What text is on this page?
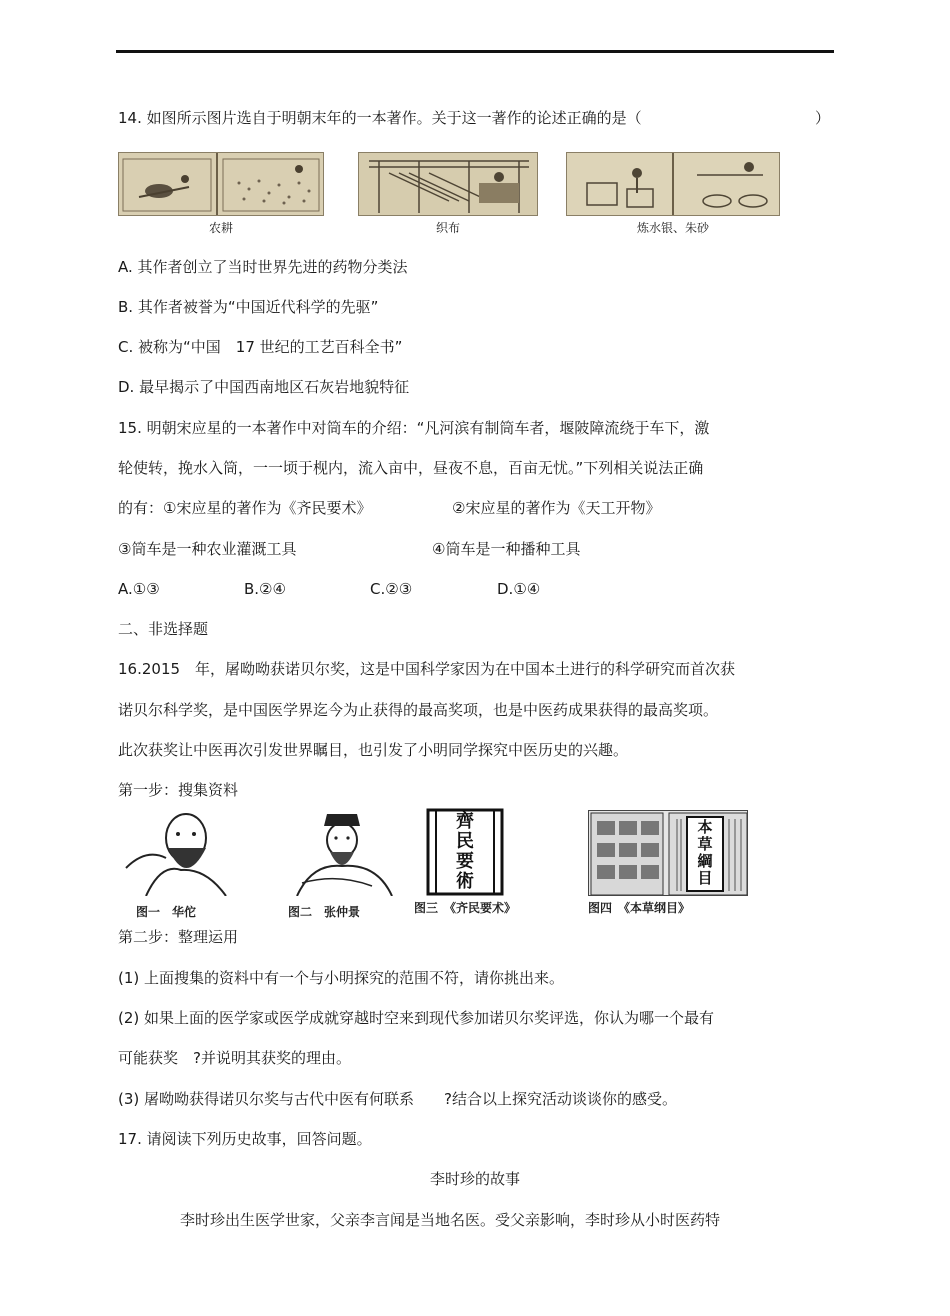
14. 如图所示图片选自于明朝末年的一本著作。关于这一著作的论述正确的是（	）
农耕	织布	炼水银、朱砂
A. 其作者创立了当时世界先进的药物分类法
B. 其作者被誉为“中国近代科学的先驱”
C. 被称为“中国　17 世纪的工艺百科全书”
D. 最早揭示了中国西南地区石灰岩地貌特征
15. 明朝宋应星的一本著作中对筒车的介绍：“凡河滨有制筒车者，堰陂障流绕于车下，激
轮使转，挽水入筒，一一顷于枧内，流入亩中，昼夜不息，百亩无忧。”下列相关说法正确
的有：①宋应星的著作为《齐民要术》	②宋应星的著作为《天工开物》
③筒车是一种农业灌溉工具	④筒车是一种播种工具
A.①③	B.②④	C.②③	D.①④
二、非选择题
16.2015　年，屠呦呦获诺贝尔奖，这是中国科学家因为在中国本土进行的科学研究而首次获
诺贝尔科学奖，是中国医学界迄今为止获得的最高奖项，也是中医药成果获得的最高奖项。
此次获奖让中医再次引发世界瞩目，也引发了小明同学探究中医历史的兴趣。
第一步：搜集资料
图一　华佗	图二　张仲景
齊民要術
图三　《齐民要术》
本草綱目
图四　《本草纲目》
第二步：整理运用
(1) 上面搜集的资料中有一个与小明探究的范围不符，请你挑出来。
(2) 如果上面的医学家或医学成就穿越时空来到现代参加诺贝尔奖评选，你认为哪一个最有
可能获奖　?并说明其获奖的理由。
(3) 屠呦呦获得诺贝尔奖与古代中医有何联系　　?结合以上探究活动谈谈你的感受。
17. 请阅读下列历史故事，回答问题。
李时珍的故事
李时珍出生医学世家，父亲李言闻是当地名医。受父亲影响，李时珍从小时医药特
